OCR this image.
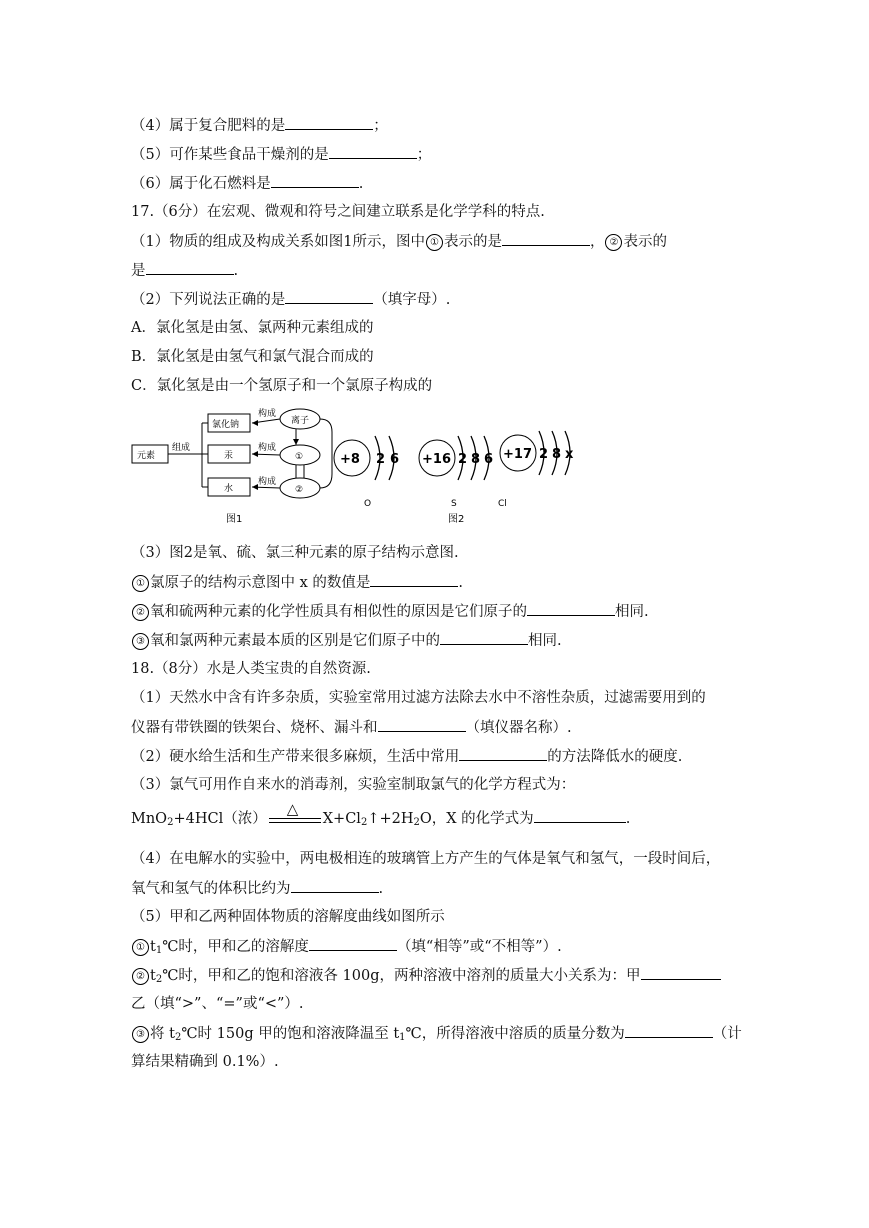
（4）属于复合肥料的是	；
（5）可作某些食品干燥剂的是	；
（6）属于化石燃料是	.
17.（6分）在宏观、微观和符号之间建立联系是化学学科的特点.
（1）物质的组成及构成关系如图1所示，图中 ① 表示的是	， ② 表示的
是	.
（2）下列说法正确的是	（填字母）.
A．氯化氢是由氢、氯两种元素组成的
B．氯化氢是由氢气和氯气混合而成的
C．氯化氢是由一个氢原子和一个氯原子构成的
元素
组成
氯化钠
汞
水
构成
构成
构成
离子
①
②
图1
O	S	Cl
图2
+8 2 6 +16 2 8 6 +17 2 8 x
（3）图2是氧、硫、氯三种元素的原子结构示意图.
① 氯原子的结构示意图中 x 的数值是	.
② 氧和硫两种元素的化学性质具有相似性的原因是它们原子的	相同.
③ 氧和氯两种元素最本质的区别是它们原子中的	相同.
18.（8分）水是人类宝贵的自然资源.
（1）天然水中含有许多杂质，实验室常用过滤方法除去水中不溶性杂质，过滤需要用到的
仪器有带铁圈的铁架台、烧杯、漏斗和	（填仪器名称）.
（2）硬水给生活和生产带来很多麻烦，生活中常用	的方法降低水的硬度.
（3）氯气可用作自来水的消毒剂，实验室制取氯气的化学方程式为：
MnO$_2$+4HCl（浓）
△
$X+Cl_2↑+2H_2O$，X 的化学式为	.
（4）在电解水的实验中，两电极相连的玻璃管上方产生的气体是氧气和氢气，一段时间后，
氧气和氢气的体积比约为	.
（5）甲和乙两种固体物质的溶解度曲线如图所示
① $t_1℃$时，甲和乙的溶解度	（填“相等”或“不相等”）.
② $t_2℃$时，甲和乙的饱和溶液各 100g，两种溶液中溶剂的质量大小关系为：甲
乙（填“>”、“=”或“<”）.
③ 将 $t_2℃$时 150g 甲的饱和溶液降温至 $t_1℃$，所得溶液中溶质的质量分数为	（计
算结果精确到 0.1%）.
